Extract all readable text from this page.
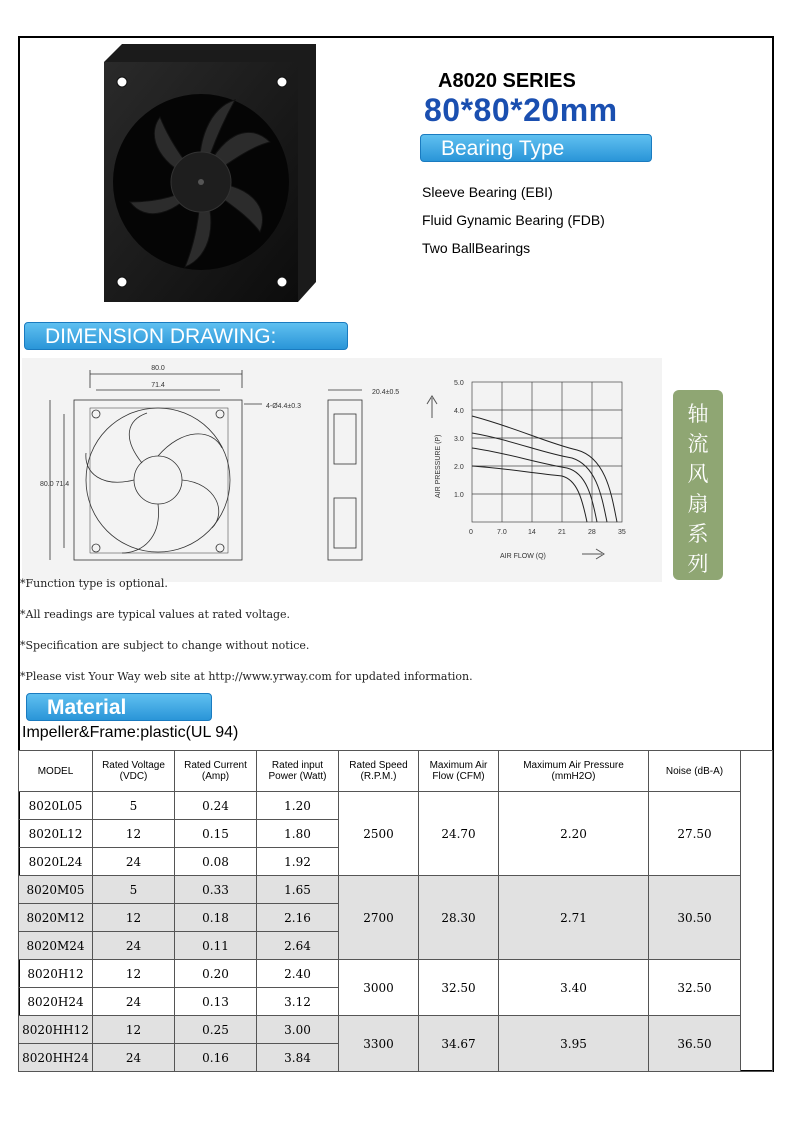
A8020 SERIES
80*80*20mm
Bearing Type
Sleeve Bearing (EBI)
Fluid Gynamic Bearing (FDB)
Two BallBearings
DIMENSION DRAWING:
80.0
71.4
4-Ø4.4±0.3
80.0 71.4
20.4±0.5
5.0
4.0
3.0
2.0
1.0
0	7.0	14	21	28	35
AIR PRESSURE (P)
AIR FLOW (Q)
轴
流
风
扇
系
列
*Function type is optional.
*All readings are typical values at rated voltage.
*Specification are subject to change without notice.
*Please vist Your Way web site at http://www.yrway.com for updated information.
Material
Impeller&Frame:plastic(UL 94)
MODEL	Rated Voltage (VDC)	Rated Current (Amp)	Rated input Power (Watt)	Rated Speed (R.P.M.)	Maximum Air Flow (CFM)	Maximum Air Pressure (mmH2O)	Noise (dB-A)	
8020L05	5	0.24	1.20	2500	24.70	2.20	27.50	
8020L12	12	0.15	1.80					
8020L24	24	0.08	1.92					
8020M05	5	0.33	1.65	2700	28.30	2.71	30.50	
8020M12	12	0.18	2.16					
8020M24	24	0.11	2.64					
8020H12	12	0.20	2.40	3000	32.50	3.40	32.50	
8020H24	24	0.13	3.12					
8020HH12	12	0.25	3.00	3300	34.67	3.95	36.50	
8020HH24	24	0.16	3.84					
